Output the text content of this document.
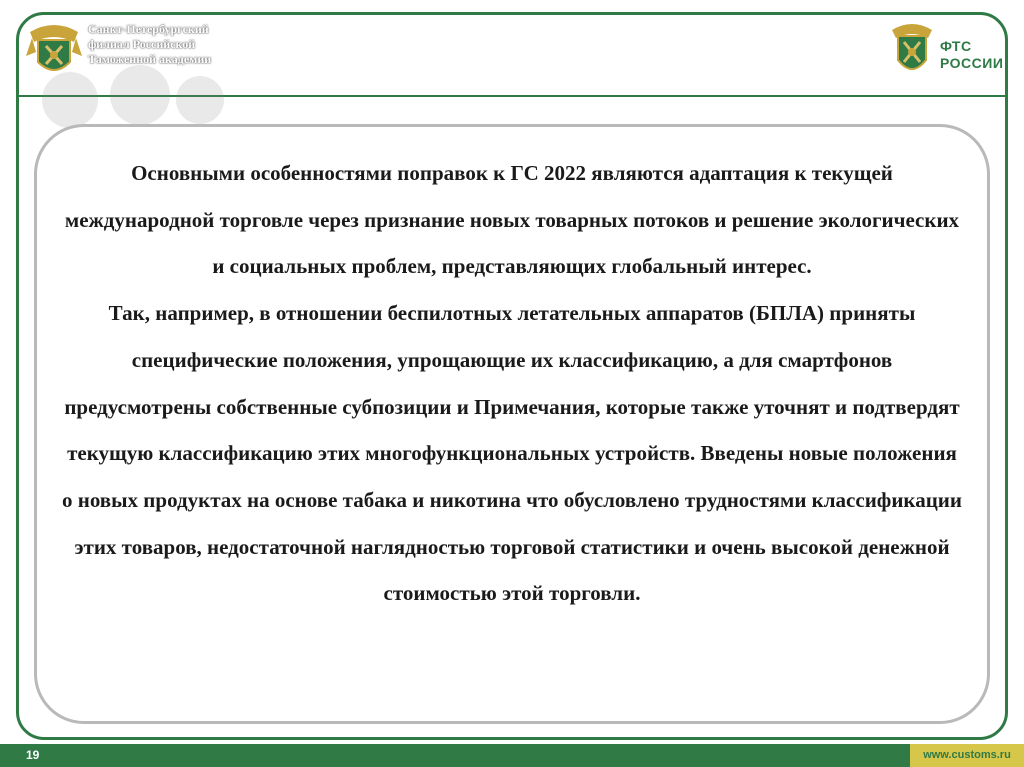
Санкт-Петербургский
филиал Российской
Таможенной академии
ФТС
РОССИИ

Основными особенностями поправок к ГС 2022 являются адаптация к текущей международной торговле через признание новых товарных потоков и решение экологических и социальных проблем, представляющих глобальный интерес.

Так, например, в отношении беспилотных летательных аппаратов (БПЛА) приняты специфические положения, упрощающие их классификацию, а для смартфонов предусмотрены собственные субпозиции и Примечания, которые также уточнят и подтвердят текущую классификацию этих многофункциональных устройств. Введены новые положения о новых продуктах на основе табака и никотина что обусловлено трудностями классификации этих товаров, недостаточной наглядностью торговой статистики и очень высокой денежной стоимостью этой торговли.

19	www.customs.ru
